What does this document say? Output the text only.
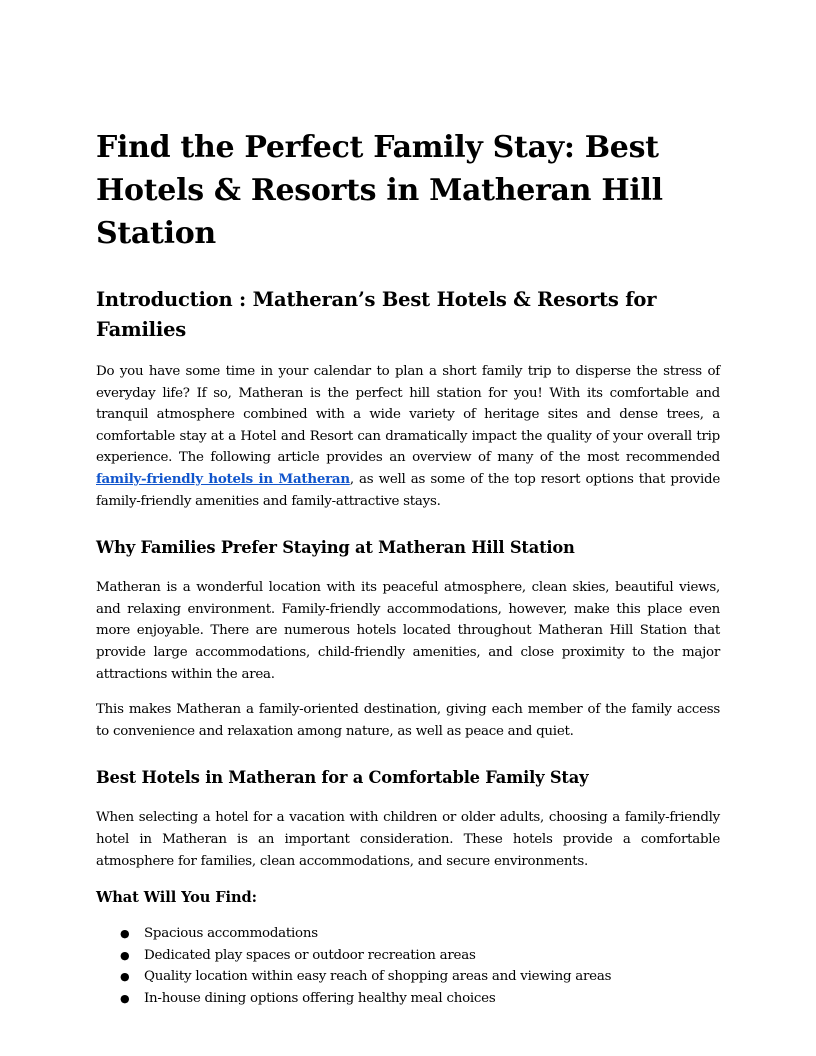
Find the Perfect Family Stay: Best Hotels & Resorts in Matheran Hill Station
Introduction : Matheran’s Best Hotels & Resorts for Families

Do you have some time in your calendar to plan a short family trip to disperse the stress of everyday life? If so, Matheran is the perfect hill station for you! With its comfortable and tranquil atmosphere combined with a wide variety of heritage sites and dense trees, a comfortable stay at a Hotel and Resort can dramatically impact the quality of your overall trip experience. The following article provides an overview of many of the most recommended family-friendly hotels in Matheran, as well as some of the top resort options that provide family-friendly amenities and family-attractive stays.

Why Families Prefer Staying at Matheran Hill Station

Matheran is a wonderful location with its peaceful atmosphere, clean skies, beautiful views, and relaxing environment. Family-friendly accommodations, however, make this place even more enjoyable. There are numerous hotels located throughout Matheran Hill Station that provide large accommodations, child-friendly amenities, and close proximity to the major attractions within the area.

This makes Matheran a family-oriented destination, giving each member of the family access to convenience and relaxation among nature, as well as peace and quiet.

Best Hotels in Matheran for a Comfortable Family Stay

When selecting a hotel for a vacation with children or older adults, choosing a family-friendly hotel in Matheran is an important consideration. These hotels provide a comfortable atmosphere for families, clean accommodations, and secure environments.

What Will You Find:
● Spacious accommodations
● Dedicated play spaces or outdoor recreation areas
● Quality location within easy reach of shopping areas and viewing areas
● In-house dining options offering healthy meal choices
